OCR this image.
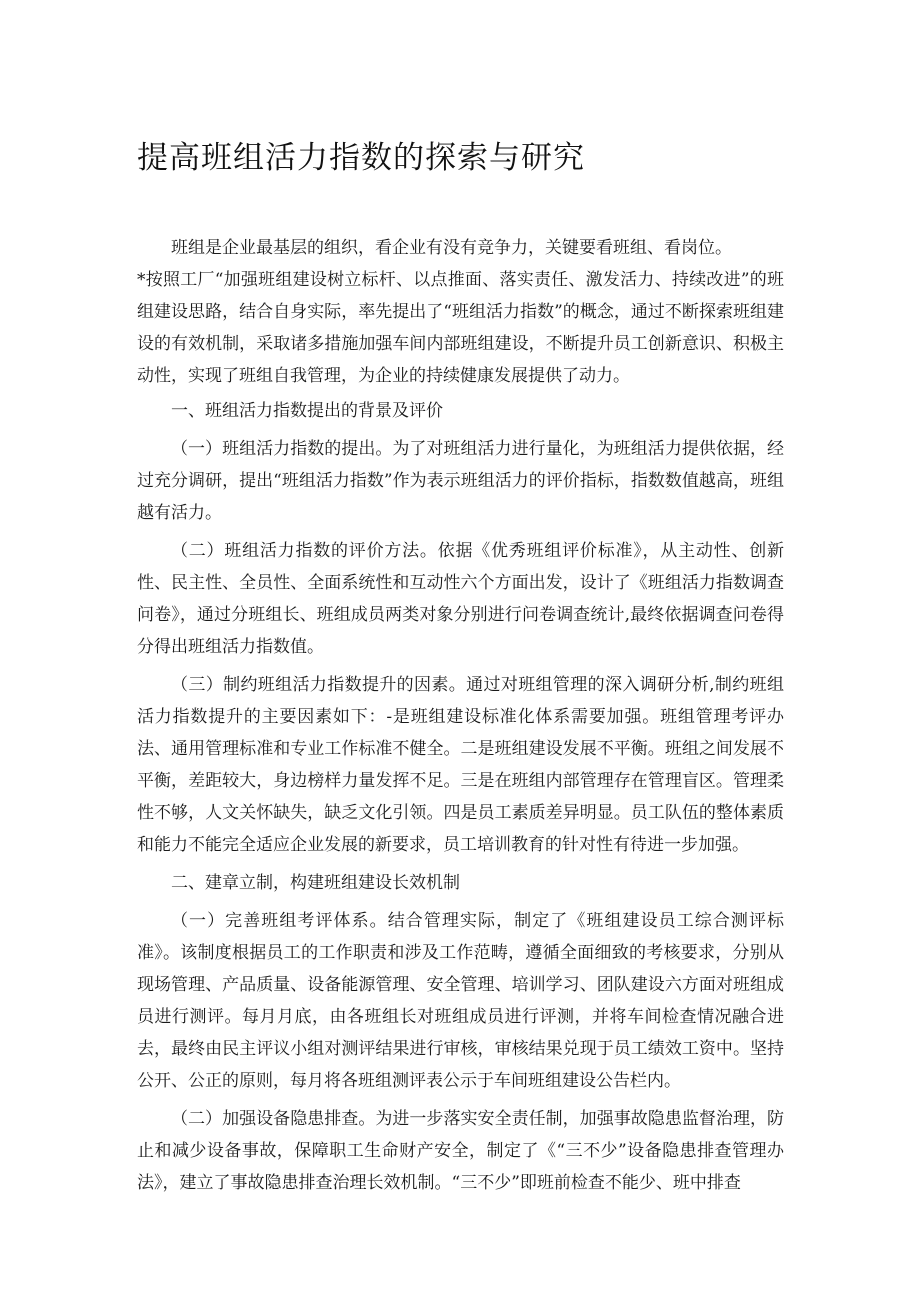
提高班组活力指数的探索与研究

班组是企业最基层的组织，看企业有没有竞争力，关键要看班组、看岗位。

*按照工厂“加强班组建设树立标杆、以点推面、落实责任、激发活力、持续改进”的班组建设思路，结合自身实际，率先提出了“班组活力指数”的概念，通过不断探索班组建设的有效机制，采取诸多措施加强车间内部班组建设，不断提升员工创新意识、积极主动性，实现了班组自我管理，为企业的持续健康发展提供了动力。

一、班组活力指数提出的背景及评价

（一）班组活力指数的提出。为了对班组活力进行量化，为班组活力提供依据，经过充分调研，提出“班组活力指数”作为表示班组活力的评价指标，指数数值越高，班组越有活力。

（二）班组活力指数的评价方法。依据《优秀班组评价标准》，从主动性、创新性、民主性、全员性、全面系统性和互动性六个方面出发，设计了《班组活力指数调查问卷》，通过分班组长、班组成员两类对象分别进行问卷调查统计,最终依据调查问卷得分得出班组活力指数值。

（三）制约班组活力指数提升的因素。通过对班组管理的深入调研分析,制约班组活力指数提升的主要因素如下：-是班组建设标准化体系需要加强。班组管理考评办法、通用管理标准和专业工作标准不健全。二是班组建设发展不平衡。班组之间发展不平衡，差距较大，身边榜样力量发挥不足。三是在班组内部管理存在管理盲区。管理柔性不够，人文关怀缺失，缺乏文化引领。四是员工素质差异明显。员工队伍的整体素质和能力不能完全适应企业发展的新要求，员工培训教育的针对性有待进一步加强。

二、建章立制，构建班组建设长效机制

（一）完善班组考评体系。结合管理实际，制定了《班组建设员工综合测评标准》。该制度根据员工的工作职责和涉及工作范畴，遵循全面细致的考核要求，分别从现场管理、产品质量、设备能源管理、安全管理、培训学习、团队建设六方面对班组成员进行测评。每月月底，由各班组长对班组成员进行评测，并将车间检查情况融合进去，最终由民主评议小组对测评结果进行审核，审核结果兑现于员工绩效工资中。坚持公开、公正的原则，每月将各班组测评表公示于车间班组建设公告栏内。

（二）加强设备隐患排查。为进一步落实安全责任制，加强事故隐患监督治理，防止和减少设备事故，保障职工生命财产安全，制定了《“三不少”设备隐患排查管理办法》，建立了事故隐患排查治理长效机制。“三不少”即班前检查不能少、班中排查
